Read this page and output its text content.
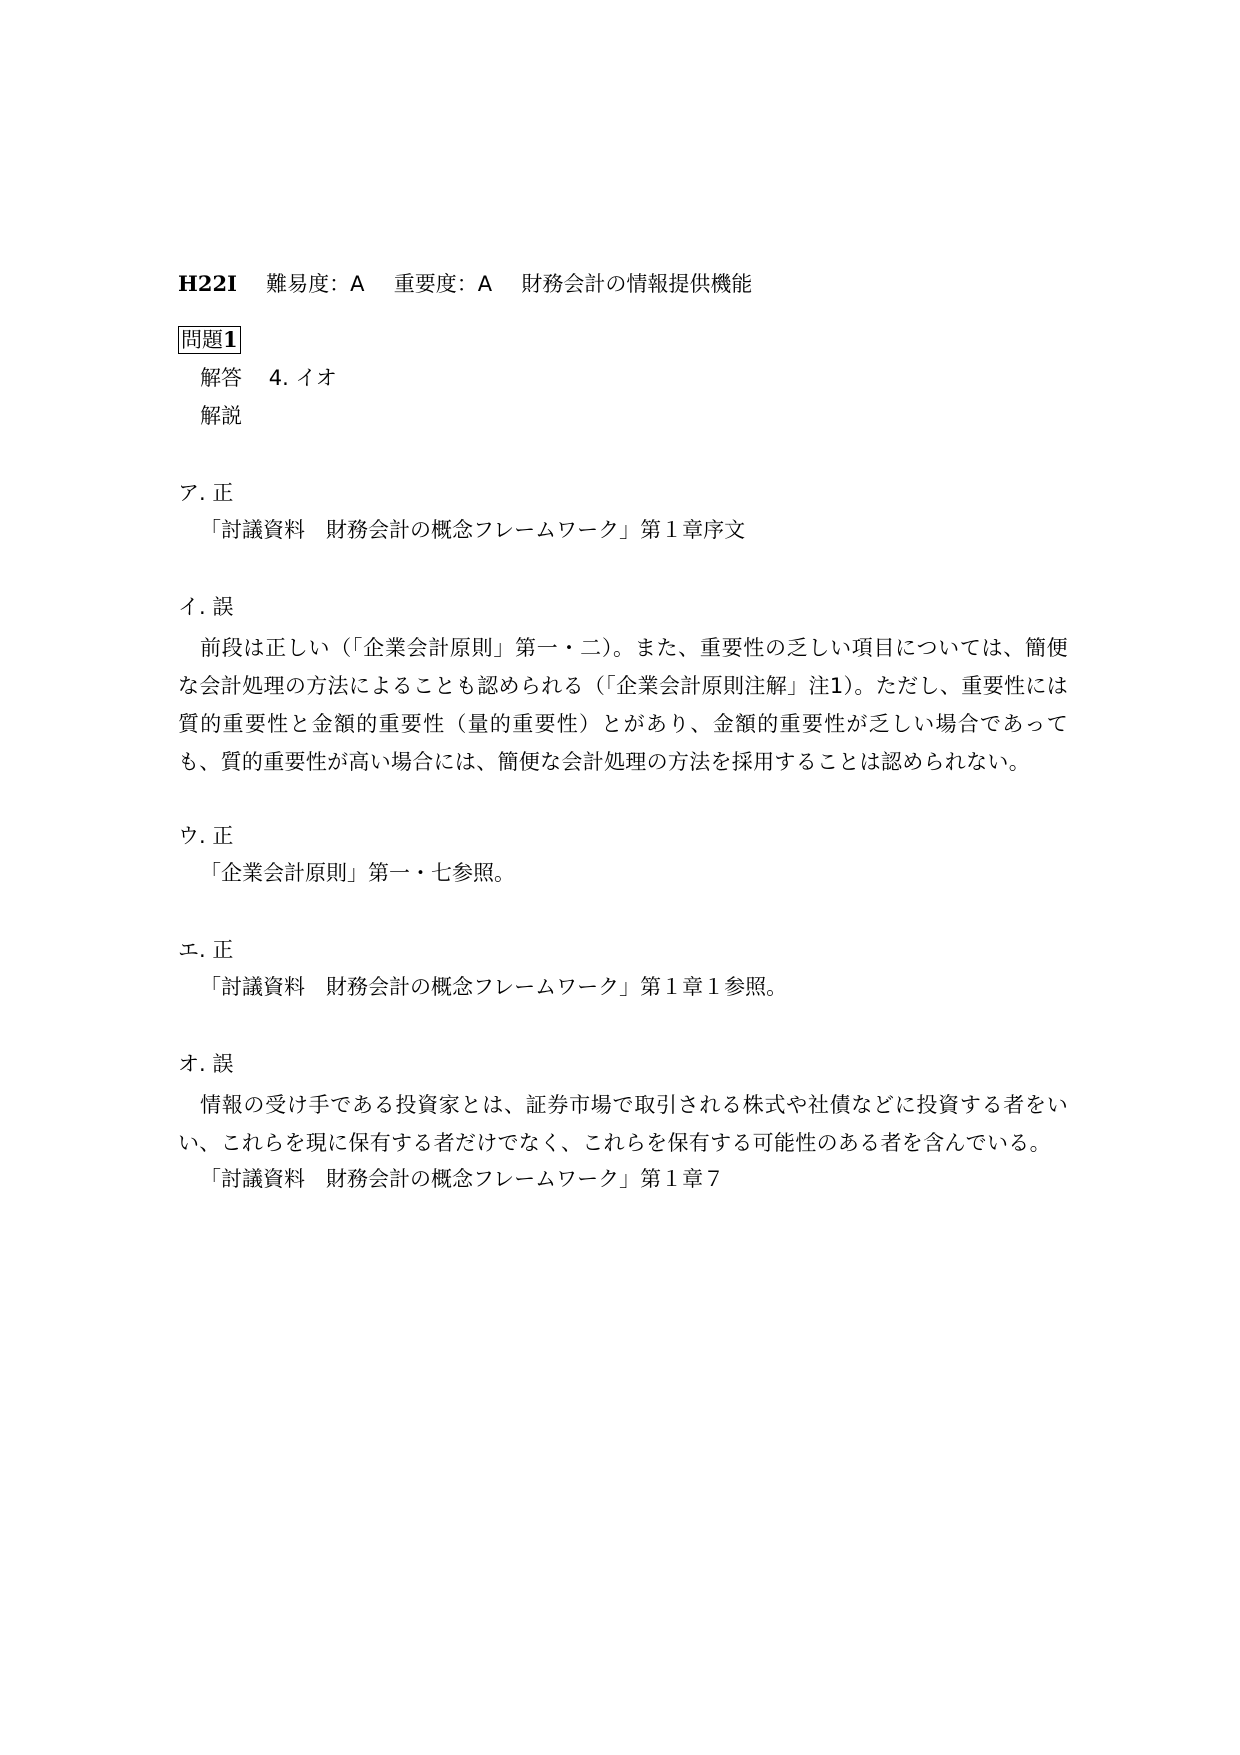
H22Ⅰ 難易度：A 重要度：A 財務会計の情報提供機能
問題1
解答 4. イオ
解説
ア. 正
「討議資料　財務会計の概念フレームワーク」第１章序文
イ. 誤
前段は正しい（「企業会計原則」第一・二）。また、重要性の乏しい項目については、簡便な会計処理の方法によることも認められる（「企業会計原則注解」注1）。ただし、重要性には質的重要性と金額的重要性（量的重要性）とがあり、金額的重要性が乏しい場合であっても、質的重要性が高い場合には、簡便な会計処理の方法を採用することは認められない。
ウ. 正
「企業会計原則」第一・七参照。
エ. 正
「討議資料　財務会計の概念フレームワーク」第１章１参照。
オ. 誤
情報の受け手である投資家とは、証券市場で取引される株式や社債などに投資する者をいい、これらを現に保有する者だけでなく、これらを保有する可能性のある者を含んでいる。
「討議資料　財務会計の概念フレームワーク」第１章７
